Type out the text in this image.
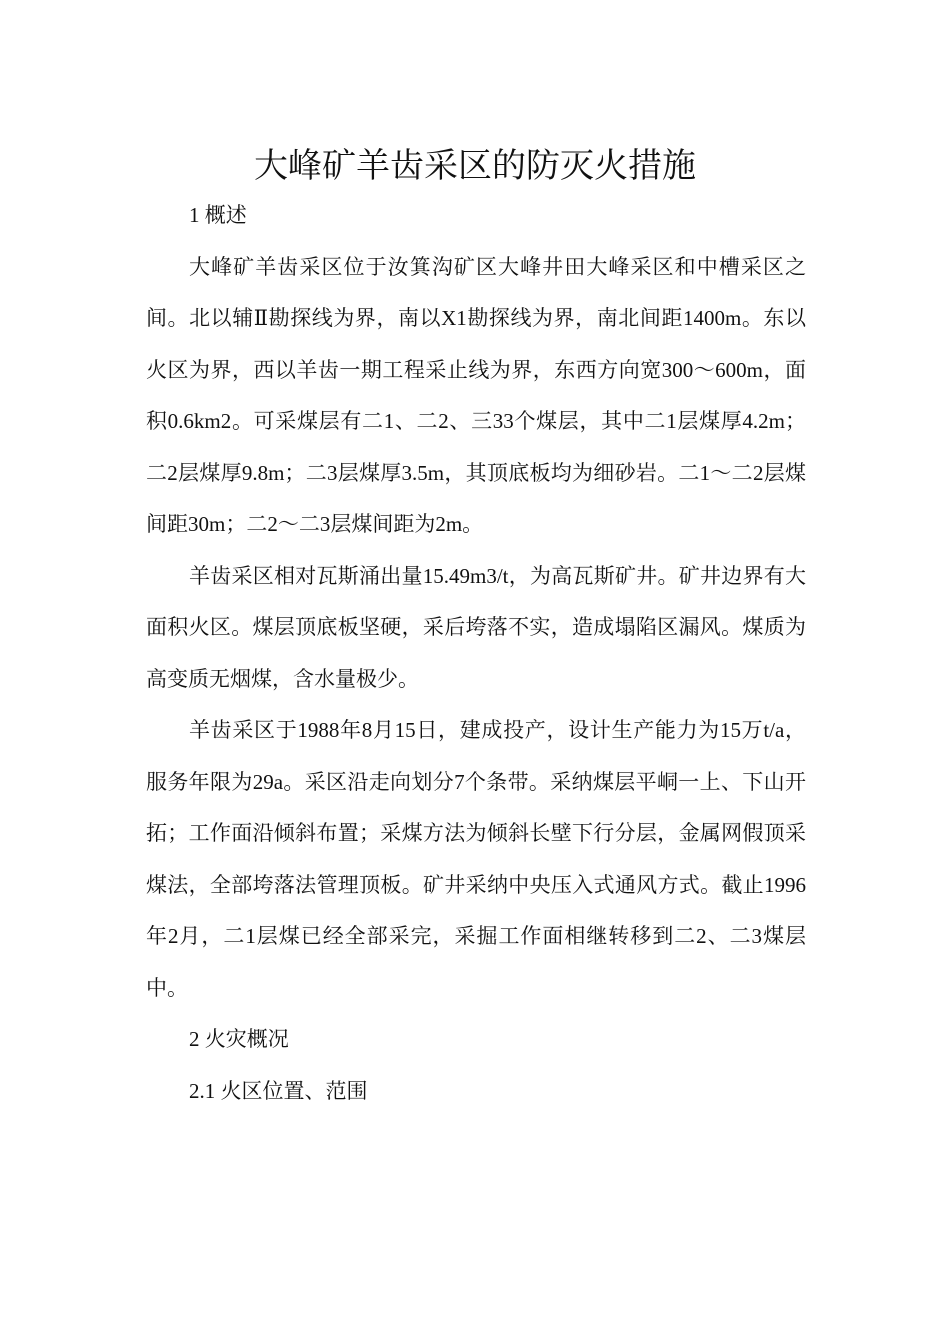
大峰矿羊齿采区的防灭火措施

1 概述

大峰矿羊齿采区位于汝箕沟矿区大峰井田大峰采区和中槽采区之间。北以辅Ⅱ勘探线为界，南以X1勘探线为界，南北间距1400m。东以火区为界，西以羊齿一期工程采止线为界，东西方向宽300～600m，面积0.6km2。可采煤层有二1、二2、三33个煤层，其中二1层煤厚4.2m；二2层煤厚9.8m；二3层煤厚3.5m，其顶底板均为细砂岩。二1～二2层煤间距30m；二2～二3层煤间距为2m。

羊齿采区相对瓦斯涌出量15.49m3/t，为高瓦斯矿井。矿井边界有大面积火区。煤层顶底板坚硬，采后垮落不实，造成塌陷区漏风。煤质为高变质无烟煤，含水量极少。

羊齿采区于1988年8月15日，建成投产，设计生产能力为15万t/a，服务年限为29a。采区沿走向划分7个条带。采纳煤层平峒一上、下山开拓；工作面沿倾斜布置；采煤方法为倾斜长壁下行分层，金属网假顶采煤法，全部垮落法管理顶板。矿井采纳中央压入式通风方式。截止1996年2月，二1层煤已经全部采完，采掘工作面相继转移到二2、二3煤层中。

2 火灾概况

2.1 火区位置、范围
